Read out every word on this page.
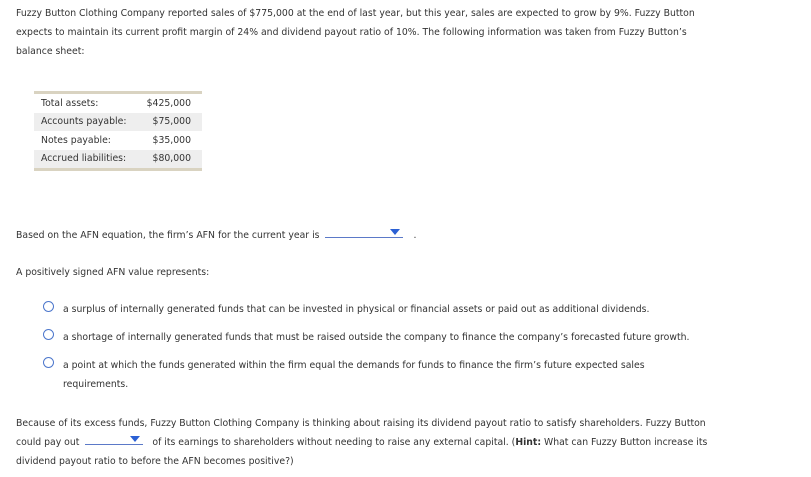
Fuzzy Button Clothing Company reported sales of $775,000 at the end of last year, but this year, sales are expected to grow by 9%. Fuzzy Button
expects to maintain its current profit margin of 24% and dividend payout ratio of 10%. The following information was taken from Fuzzy Button’s
balance sheet:
Total assets:	$425,000
Accounts payable:	$75,000
Notes payable:	$35,000
Accrued liabilities:	$80,000
Based on the AFN equation, the firm’s AFN for the current year is	.
A positively signed AFN value represents:
a surplus of internally generated funds that can be invested in physical or financial assets or paid out as additional dividends.
a shortage of internally generated funds that must be raised outside the company to finance the company’s forecasted future growth.
a point at which the funds generated within the firm equal the demands for funds to finance the firm’s future expected sales
requirements.
Because of its excess funds, Fuzzy Button Clothing Company is thinking about raising its dividend payout ratio to satisfy shareholders. Fuzzy Button
could pay out	of its earnings to shareholders without needing to raise any external capital. (Hint: What can Fuzzy Button increase its
dividend payout ratio to before the AFN becomes positive?)
